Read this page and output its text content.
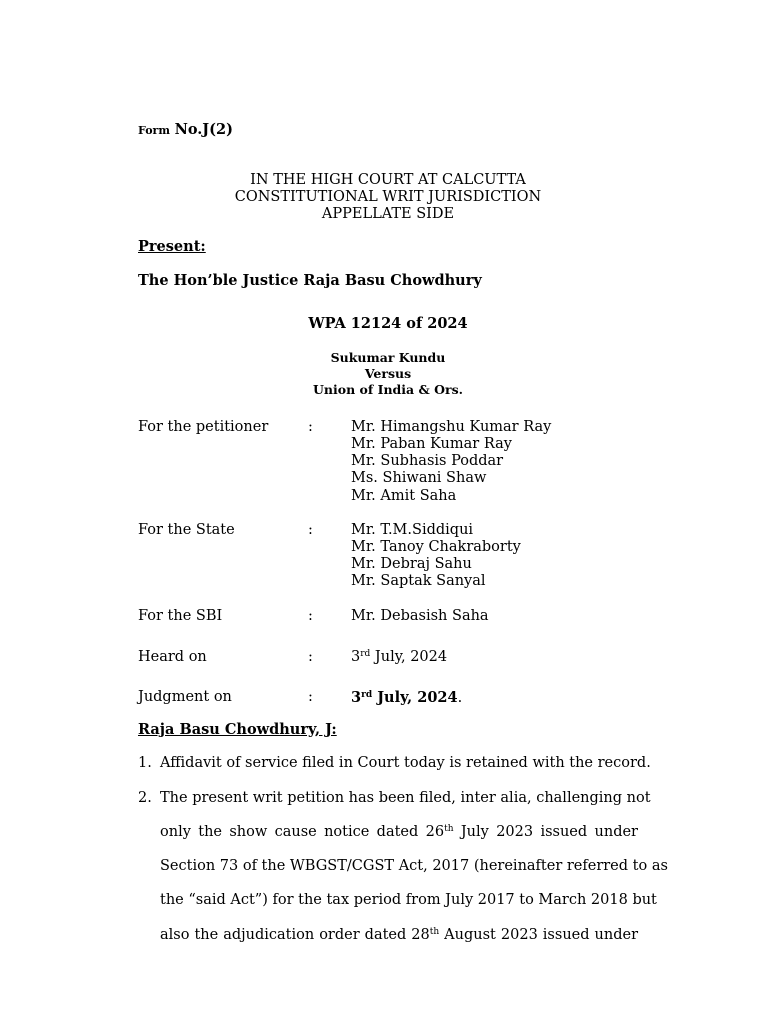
Form No.J(2)
IN THE HIGH COURT AT CALCUTTA
CONSTITUTIONAL WRIT JURISDICTION
APPELLATE SIDE
Present:
The Hon’ble Justice Raja Basu Chowdhury
WPA 12124 of 2024
Sukumar Kundu
Versus
Union of India & Ors.
For the petitioner	:	Mr. Himangshu Kumar Ray
Mr. Paban Kumar Ray
Mr. Subhasis Poddar
Ms. Shiwani Shaw
Mr. Amit Saha
For the State	:	Mr. T.M.Siddiqui
Mr. Tanoy Chakraborty
Mr. Debraj Sahu
Mr. Saptak Sanyal
For the SBI	:	Mr. Debasish Saha
Heard on	:	3rd July, 2024
Judgment on	:	3rd July, 2024.
Raja Basu Chowdhury, J:
1. Affidavit of service filed in Court today is retained with the record.
2. The present writ petition has been filed, inter alia, challenging not
only the show cause notice dated 26th July 2023 issued under
Section 73 of the WBGST/CGST Act, 2017 (hereinafter referred to as
the “said Act”) for the tax period from July 2017 to March 2018 but
also the adjudication order dated 28th August 2023 issued under
